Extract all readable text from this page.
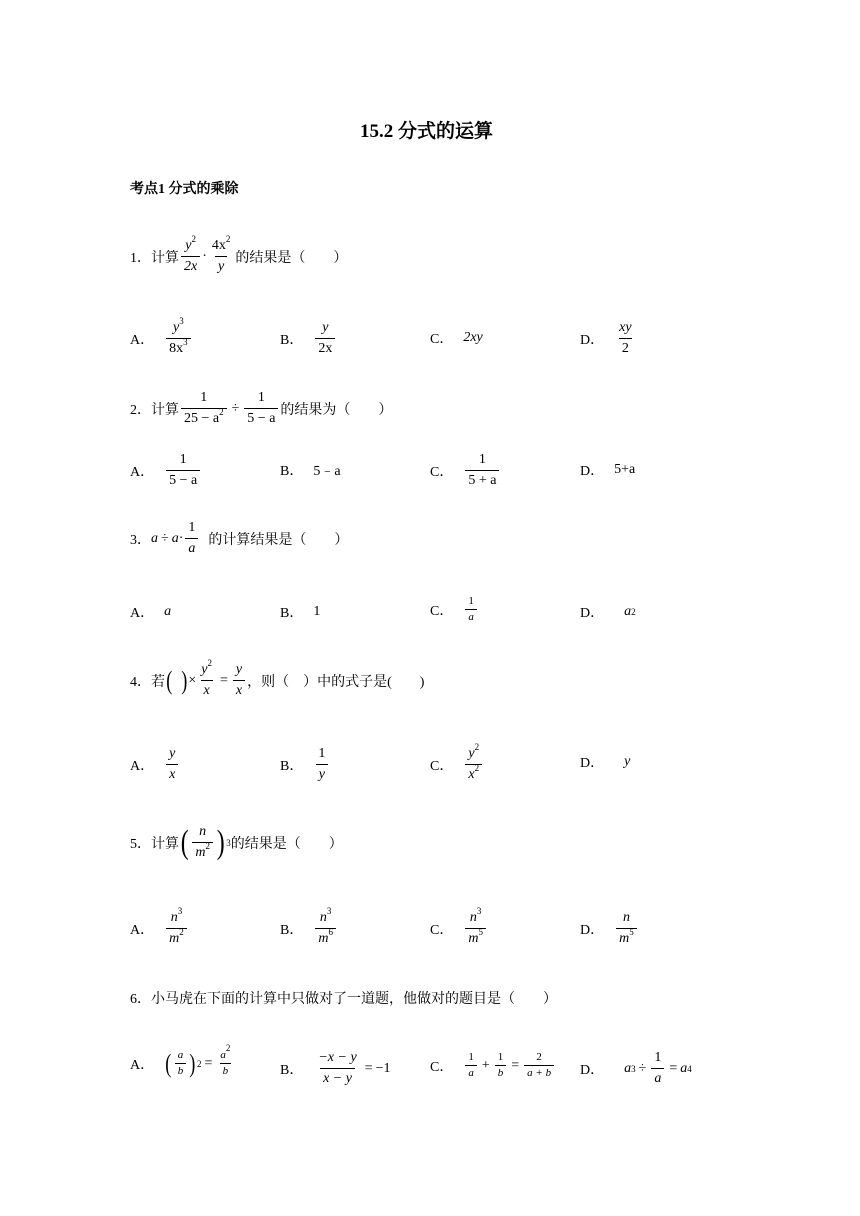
15.2 分式的运算
考点1 分式的乘除
1． 计算
$y^2$
2x
·
$4x^2$
y
的结果是（　　）
A．
$y^3$
$8x^3$	B．
y
2x
C． 2xy	D．
xy
2
2． 计算 $\frac{1}{25 - a^2} \div \frac{1}{5 - a}$ 的结果为（　　）
A．
1
5 − a
B． 5﹣a	C．
1
5 + a
D． 5+a
3． a ÷ a ·
1
a
的计算结果是（　　）
A． a	B． 1	C．
1
a	D． a 2
4． 若 ( ) × $\frac{y^2}{x} = \frac{y}{x}$ ，则（　）中的式子是(　　)
A．
y
x
B．
1
y
C．
$y^2$
$x^2$	D． y
5． 计算 ( n
$m^2$ ) 3 的结果是（　　）
A．
$n^3$
$m^2$	B．
$n^3$
$m^6$	C．
$n^3$
$m^5$	D．
n
$m^5$
6． 小马虎在下面的计算中只做对了一道题，他做对的题目是（　　）
A． ( a
b ) $2 = \frac{a^2}{b}$	B． $\frac{-x - y}{x - y} = -1$	C．
1
a
+ $\frac{1}{b} = \frac{2}{a + b}$ D． a $3 \div \frac{1}{a} = a$ 4
